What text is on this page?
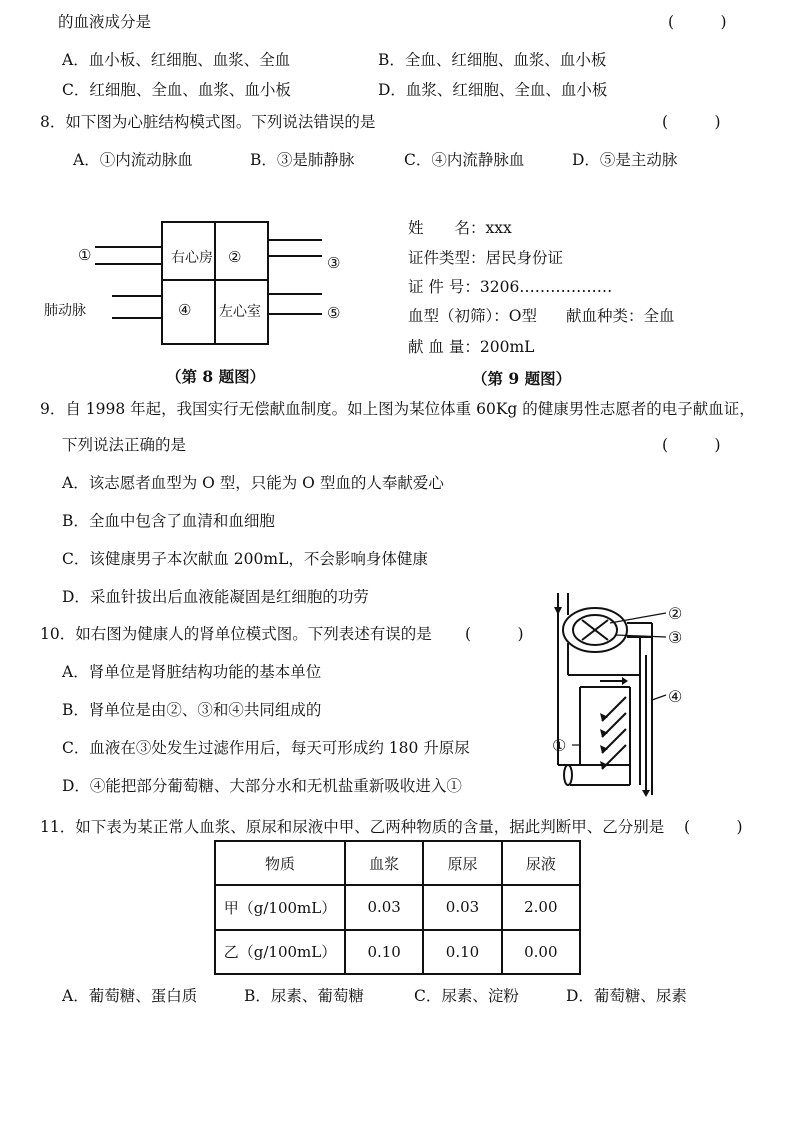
的血液成分是	(　　　)
A．血小板、红细胞、血浆、全血	B．全血、红细胞、血浆、血小板
C．红细胞、全血、血浆、血小板	D．血浆、红细胞、全血、血小板
8．如下图为心脏结构模式图。下列说法错误的是	(　　　)
A．①内流动脉血	B．③是肺静脉	C．④内流静脉血	D．⑤是主动脉
①	右心房 ②	③
肺动脉	④ 左心室	⑤
（第 8 题图）
姓　　名：xxx
证件类型：居民身份证
证 件 号：3206………………
血型（初筛）：O型 献血种类：全血
献 血 量：200mL
（第 9 题图）
9．自 1998 年起，我国实行无偿献血制度。如上图为某位体重 60Kg 的健康男性志愿者的电子献血证，
下列说法正确的是	(　　　)
A．该志愿者血型为 O 型，只能为 O 型血的人奉献爱心
B．全血中包含了血清和血细胞
C．该健康男子本次献血 200mL，不会影响身体健康
D．采血针拔出后血液能凝固是红细胞的功劳
10．如右图为健康人的肾单位模式图。下列表述有误的是 (　　　)
A．肾单位是肾脏结构功能的基本单位
B．肾单位是由②、③和④共同组成的
C．血液在③处发生过滤作用后，每天可形成约 180 升原尿
D．④能把部分葡萄糖、大部分水和无机盐重新吸收进入①
②
③
④
①
11．如下表为某正常人血浆、原尿和尿液中甲、乙两种物质的含量，据此判断甲、乙分别是 (　　　)
物质	血浆	原尿	尿液
甲（g/100mL）	0.03	0.03	2.00
乙（g/100mL）	0.10	0.10	0.00
A．葡萄糖、蛋白质	B．尿素、葡萄糖	C．尿素、淀粉	D．葡萄糖、尿素
